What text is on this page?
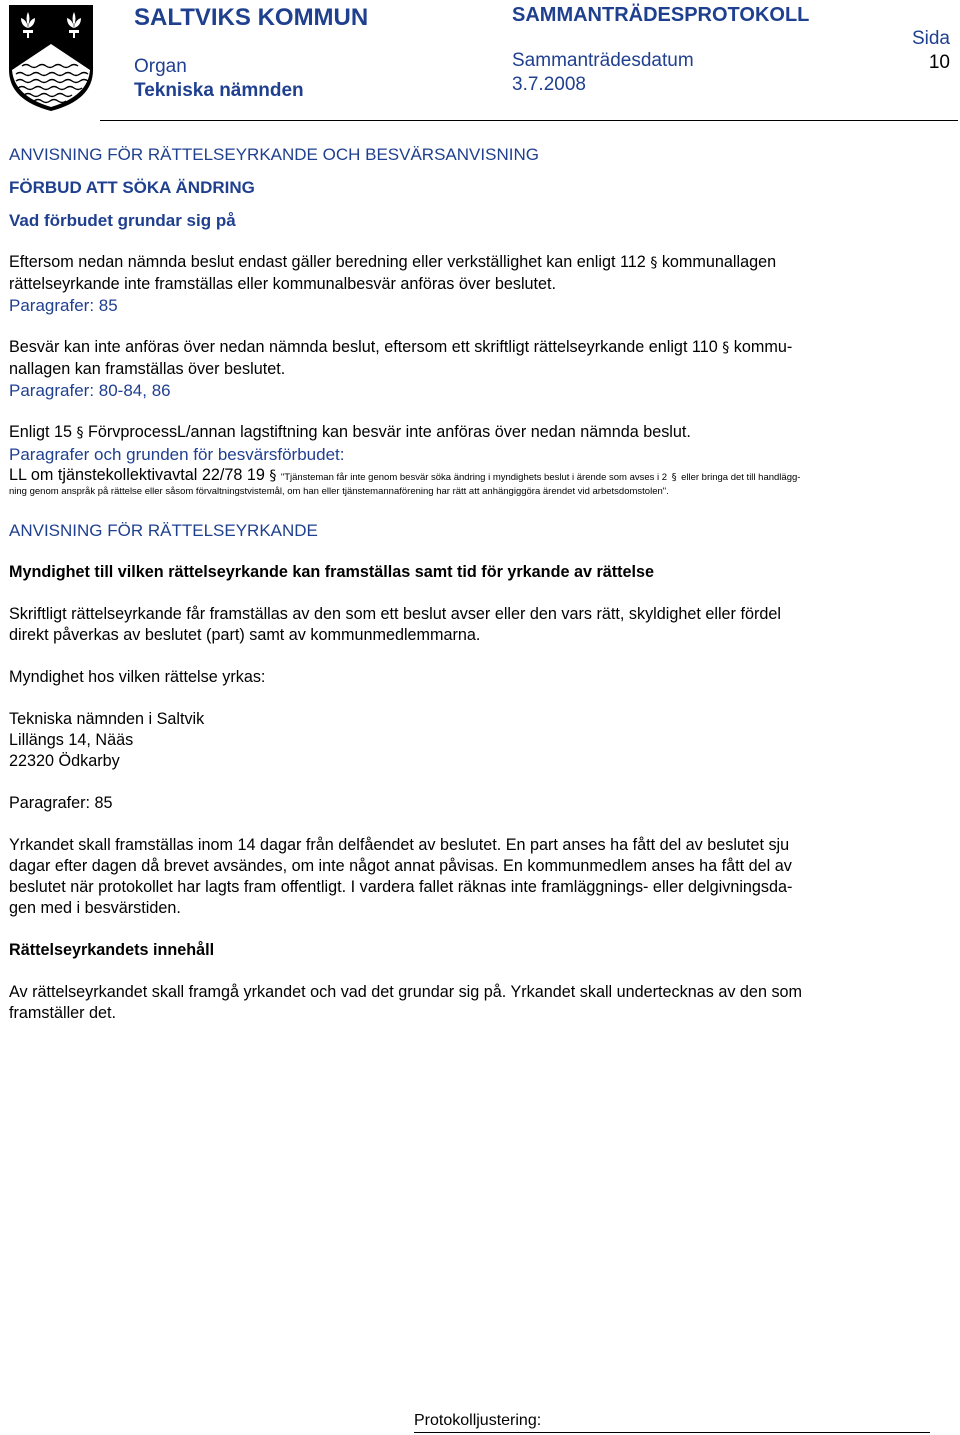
SALTVIKS KOMMUN
Organ
Tekniska nämnden
SAMMANTRÄDESPROTOKOLL
Sammanträdesdatum
3.7.2008
Sida
10

ANVISNING FÖR RÄTTELSEYRKANDE OCH BESVÄRSANVISNING

FÖRBUD ATT SÖKA ÄNDRING

Vad förbudet grundar sig på

Eftersom nedan nämnda beslut endast gäller beredning eller verkställighet kan enligt 112 § kommunallagen
rättelseyrkande inte framställas eller kommunalbesvär anföras över beslutet.

Paragrafer: 85

Besvär kan inte anföras över nedan nämnda beslut, eftersom ett skriftligt rättelseyrkande enligt 110 § kommu-
nallagen kan framställas över beslutet.

Paragrafer: 80-84, 86

Enligt 15 § FörvprocessL/annan lagstiftning kan besvär inte anföras över nedan nämnda beslut.

Paragrafer och grunden för besvärsförbudet:

LL om tjänstekollektivavtal 22/78 19 § "Tjänsteman får inte genom besvär söka ändring i myndighets beslut i ärende som avses i 2 § eller bringa det till handlägg-

ning genom anspråk på rättelse eller såsom förvaltningstvistemål, om han eller tjänstemannaförening har rätt att anhängiggöra ärendet vid arbetsdomstolen".

ANVISNING FÖR RÄTTELSEYRKANDE

Myndighet till vilken rättelseyrkande kan framställas samt tid för yrkande av rättelse

Skriftligt rättelseyrkande får framställas av den som ett beslut avser eller den vars rätt, skyldighet eller fördel
direkt påverkas av beslutet (part) samt av kommunmedlemmarna.

Myndighet hos vilken rättelse yrkas:

Tekniska nämnden i Saltvik

Lillängs 14, Nääs

22320 Ödkarby

Paragrafer: 85

Yrkandet skall framställas inom 14 dagar från delfåendet av beslutet. En part anses ha fått del av beslutet sju
dagar efter dagen då brevet avsändes, om inte något annat påvisas. En kommunmedlem anses ha fått del av
beslutet när protokollet har lagts fram offentligt. I vardera fallet räknas inte framläggnings- eller delgivningsda-
gen med i besvärstiden.

Rättelseyrkandets innehåll

Av rättelseyrkandet skall framgå yrkandet och vad det grundar sig på. Yrkandet skall undertecknas av den som
framställer det.

Protokolljustering:
